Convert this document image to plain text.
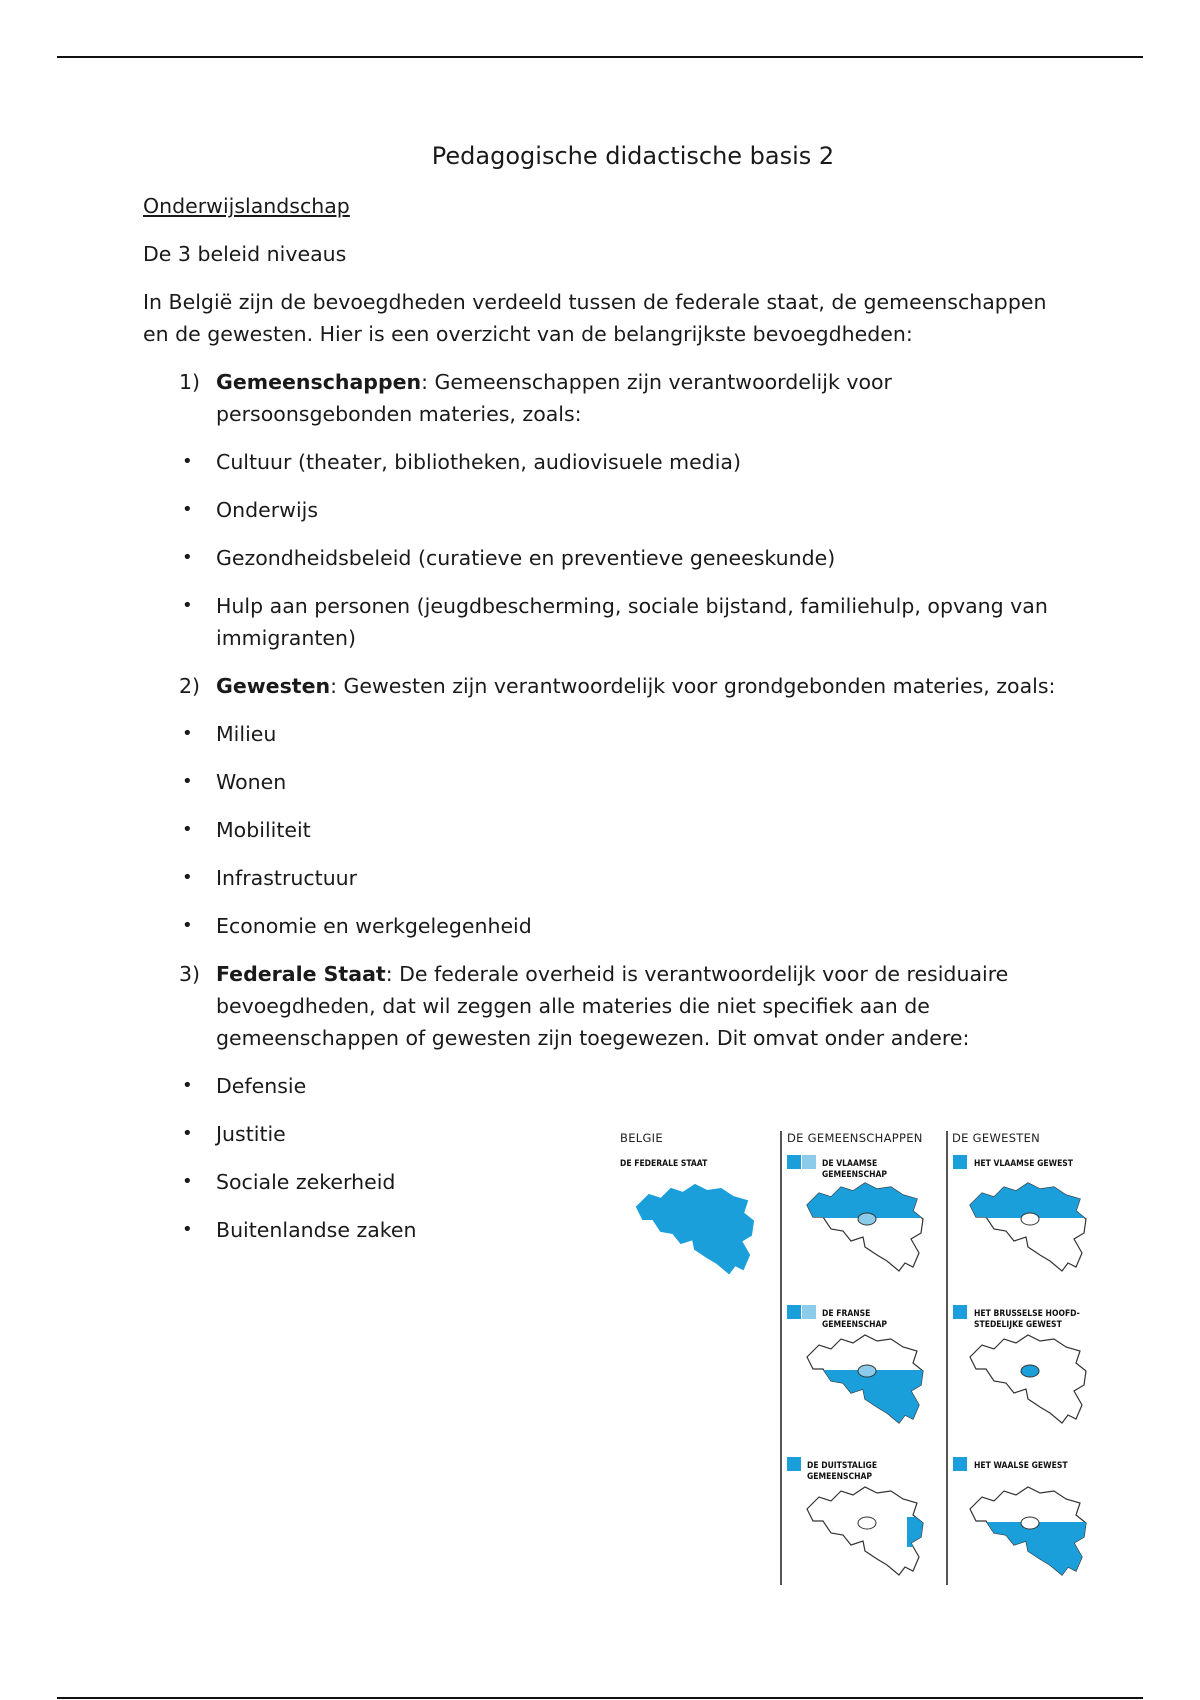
Pedagogische didactische basis 2
Onderwijslandschap
De 3 beleid niveaus
In België zijn de bevoegdheden verdeeld tussen de federale staat, de gemeenschappen en de gewesten. Hier is een overzicht van de belangrijkste bevoegdheden:
1) Gemeenschappen: Gemeenschappen zijn verantwoordelijk voor persoonsgebonden materies, zoals:
• Cultuur (theater, bibliotheken, audiovisuele media)
• Onderwijs
• Gezondheidsbeleid (curatieve en preventieve geneeskunde)
• Hulp aan personen (jeugdbescherming, sociale bijstand, familiehulp, opvang van immigranten)
2) Gewesten: Gewesten zijn verantwoordelijk voor grondgebonden materies, zoals:
• Milieu
• Wonen
• Mobiliteit
• Infrastructuur
• Economie en werkgelegenheid
3) Federale Staat: De federale overheid is verantwoordelijk voor de residuaire bevoegdheden, dat wil zeggen alle materies die niet specifiek aan de gemeenschappen of gewesten zijn toegewezen. Dit omvat onder andere:
• Defensie
• Justitie
• Sociale zekerheid
• Buitenlandse zaken
BELGIE	DE GEMEENSCHAPPEN	DE GEWESTEN
DE FEDERALE STAAT	DE VLAAMSE GEMEENSCHAP
DE FRANSE GEMEENSCHAP
DE DUITSTALIGE GEMEENSCHAP
HET VLAAMSE GEWEST
HET BRUSSELSE HOOFD-STEDELIJKE GEWEST
HET WAALSE GEWEST
